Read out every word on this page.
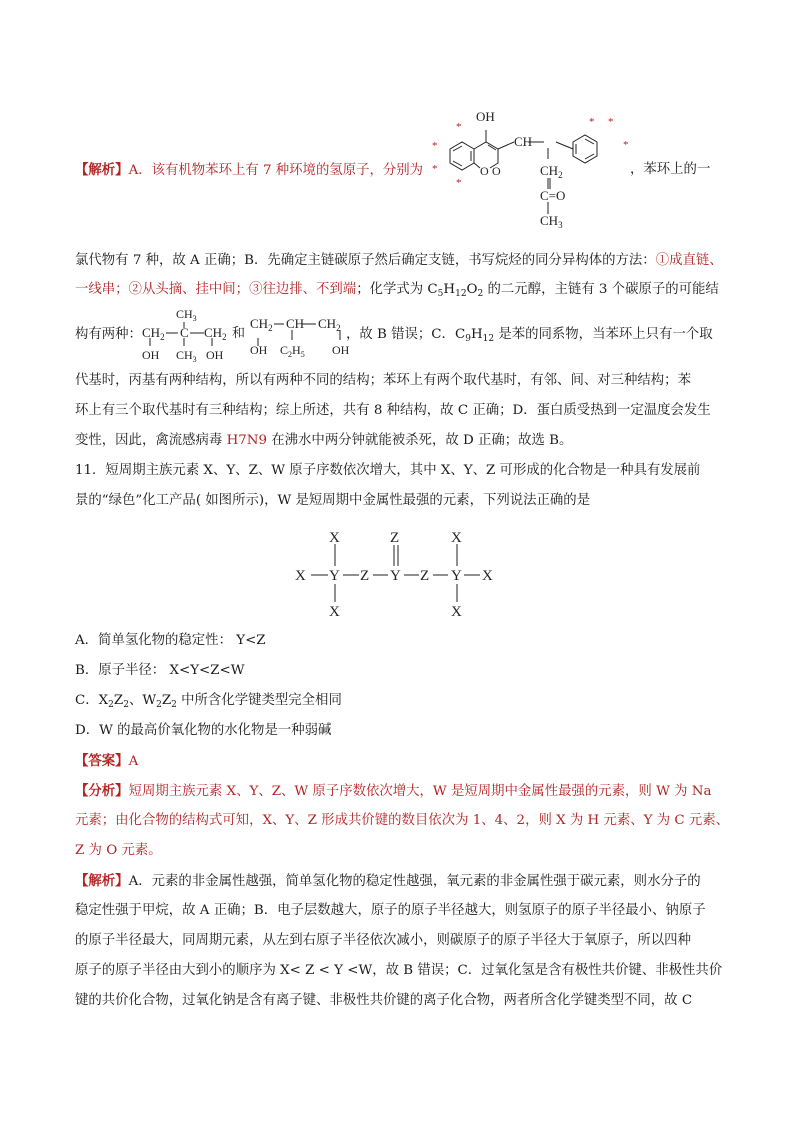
【解析】A．该有机物苯环上有 7 种环境的氢原子，分别为
OH
CH
O O	$CH_2$
C=O
$CH_3$
*
*
*
*
* *
*
，苯环上的一
氯代物有 7 种，故 A 正确；B．先确定主链碳原子然后确定支链，书写烷烃的同分异构体的方法：①成直链、
一线串；②从头摘、挂中间；③往边排、不到端；化学式为 $C_5H_{12}O_2$ 的二元醇，主链有 3 个碳原子的可能结
构有两种： $CH_2$ C $CH_2$
$CH_3$
OH $CH_3$ OH
和
$CH_2$ CH $CH_2$
OH $C_2H_5$ OH
，故 B 错误；C．$C_9H_{12}$ 是苯的同系物，当苯环上只有一个取
代基时，丙基有两种结构，所以有两种不同的结构；苯环上有两个取代基时，有邻、间、对三种结构；苯
环上有三个取代基时有三种结构；综上所述，共有 8 种结构，故 C 正确；D．蛋白质受热到一定温度会发生
变性，因此，禽流感病毒 H7N9 在沸水中两分钟就能被杀死，故 D 正确；故选 B。
11．短周期主族元素 X、Y、Z、W 原子序数依次增大，其中 X、Y、Z 可形成的化合物是一种具有发展前
景的“绿色”化工产品( 如图所示)，W 是短周期中金属性最强的元素，下列说法正确的是
X
X Y
X
Z
Z
Y Z
X
Y
X
X
A．简单氢化物的稳定性： Y<Z
B．原子半径： X<Y<Z<W
C．$X_2Z_2$、$W_2Z_2$ 中所含化学键类型完全相同
D．W 的最高价氧化物的水化物是一种弱碱
【答案】A
【分析】短周期主族元素 X、Y、Z、W 原子序数依次增大，W 是短周期中金属性最强的元素，则 W 为 Na
元素；由化合物的结构式可知，X、Y、Z 形成共价键的数目依次为 1、4、2，则 X 为 H 元素、Y 为 C 元素、
Z 为 O 元素。
【解析】A．元素的非金属性越强，简单氢化物的稳定性越强，氧元素的非金属性强于碳元素，则水分子的
稳定性强于甲烷，故 A 正确；B．电子层数越大，原子的原子半径越大，则氢原子的原子半径最小、钠原子
的原子半径最大，同周期元素，从左到右原子半径依次减小，则碳原子的原子半径大于氧原子，所以四种
原子的原子半径由大到小的顺序为 X< Z < Y <W，故 B 错误；C．过氧化氢是含有极性共价键、非极性共价
键的共价化合物，过氧化钠是含有离子键、非极性共价键的离子化合物，两者所含化学键类型不同，故 C
